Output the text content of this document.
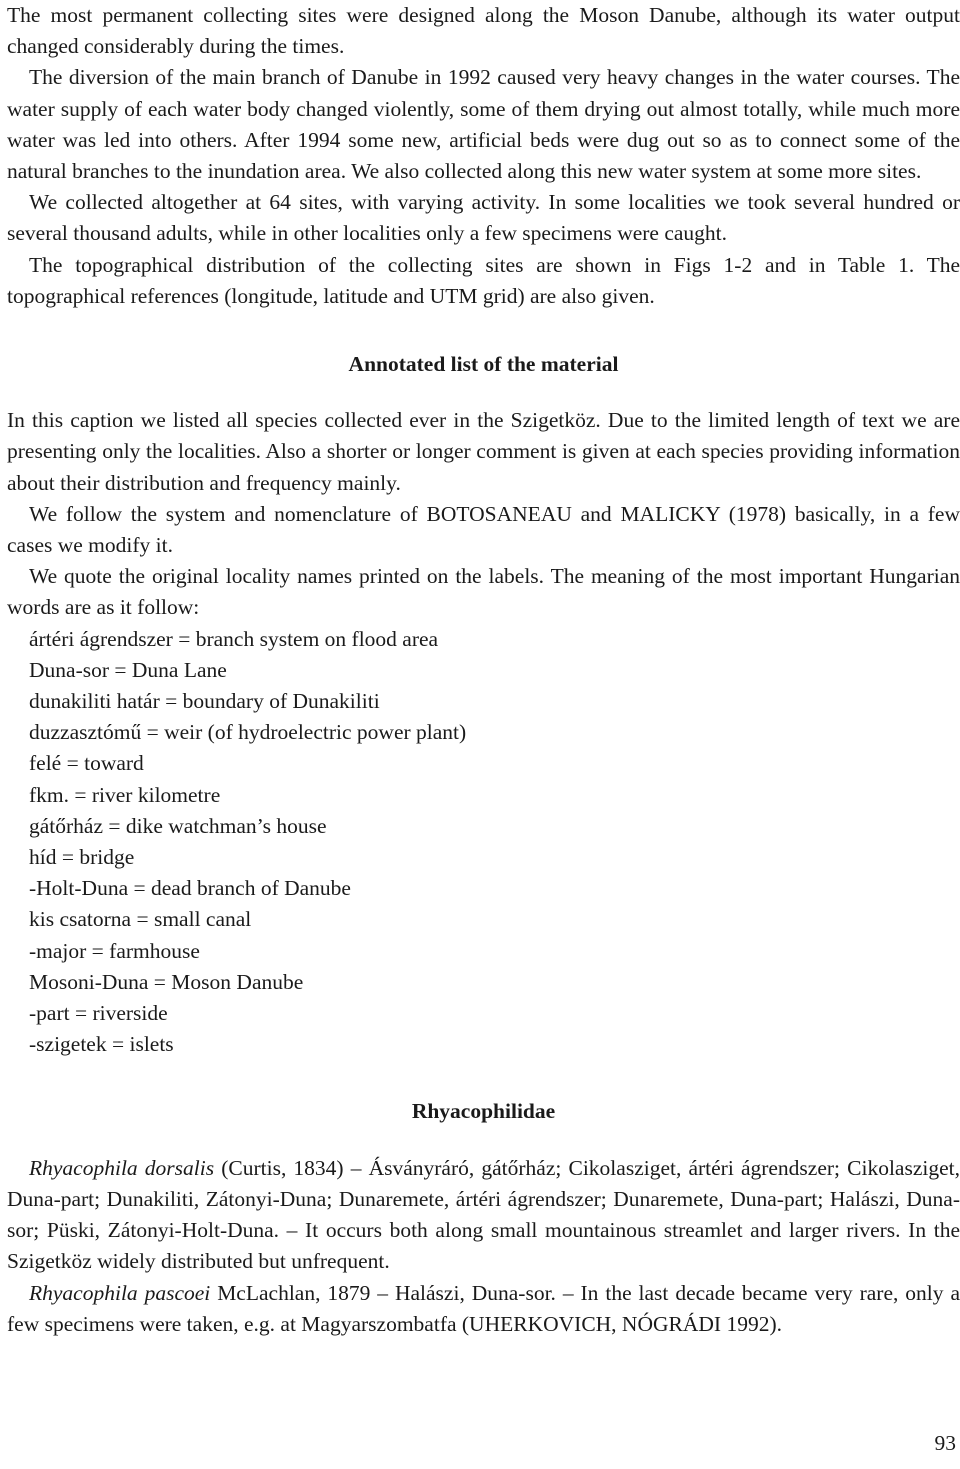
The most permanent collecting sites were designed along the Moson Danube, although its water output changed considerably during the times.

The diversion of the main branch of Danube in 1992 caused very heavy changes in the water courses. The water supply of each water body changed violently, some of them drying out almost totally, while much more water was led into others. After 1994 some new, artificial beds were dug out so as to connect some of the natural branches to the inundation area. We also collected along this new water system at some more sites.

We collected altogether at 64 sites, with varying activity. In some localities we took several hundred or several thousand adults, while in other localities only a few specimens were caught.

The topographical distribution of the collecting sites are shown in Figs 1-2 and in Table 1. The topographical references (longitude, latitude and UTM grid) are also given.

Annotated list of the material

In this caption we listed all species collected ever in the Szigetköz. Due to the limited length of text we are presenting only the localities. Also a shorter or longer comment is given at each species providing information about their distribution and frequency mainly.

We follow the system and nomenclature of BOTOSANEAU and MALICKY (1978) basically, in a few cases we modify it.

We quote the original locality names printed on the labels. The meaning of the most important Hungarian words are as it follow:

ártéri ágrendszer = branch system on flood area
Duna-sor = Duna Lane
dunakiliti határ = boundary of Dunakiliti
duzzasztómű = weir (of hydroelectric power plant)
felé = toward
fkm. = river kilometre
gátőrház = dike watchman’s house
híd = bridge
-Holt-Duna = dead branch of Danube
kis csatorna = small canal
-major = farmhouse
Mosoni-Duna = Moson Danube
-part = riverside
-szigetek = islets
Rhyacophilidae

Rhyacophila dorsalis (Curtis, 1834) – Ásványráró, gátőrház; Cikolasziget, ártéri ágrendszer; Cikolasziget, Duna-part; Dunakiliti, Zátonyi-Duna; Dunaremete, ártéri ágrendszer; Dunaremete, Duna-part; Halászi, Duna-sor; Püski, Zátonyi-Holt-Duna. – It occurs both along small mountainous streamlet and larger rivers. In the Szigetköz widely distributed but unfrequent.

Rhyacophila pascoei McLachlan, 1879 – Halászi, Duna-sor. – In the last decade became very rare, only a few specimens were taken, e.g. at Magyarszombatfa (UHERKOVICH, NÓGRÁDI 1992).

93
